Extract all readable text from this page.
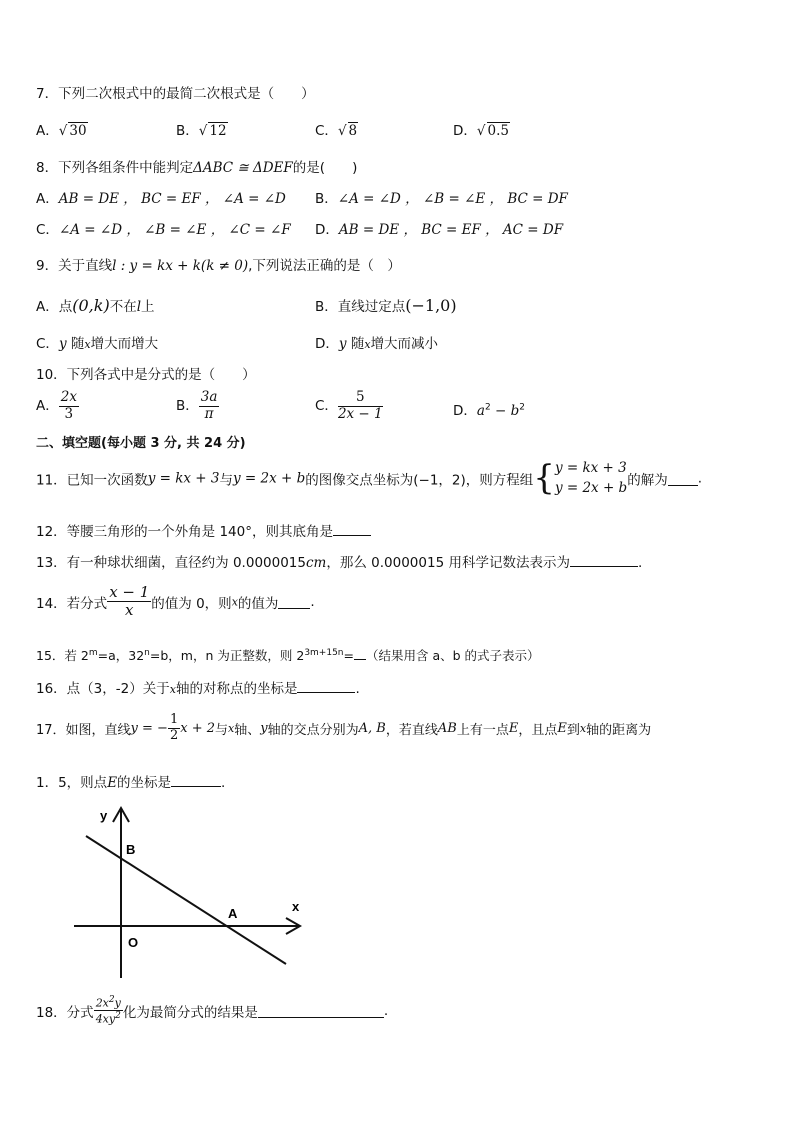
7．下列二次根式中的最简二次根式是（　　）
A．√ 30	B．√ 12	C．√ 8	D．√ 0.5
8．下列各组条件中能判定ΔABC ≅ ΔDEF的是(　　)
A．AB = DE ， BC = EF ， ∠A = ∠D B．∠A = ∠D ， ∠B = ∠E ， BC = DF
C．∠A = ∠D ， ∠B = ∠E ， ∠C = ∠F D．AB = DE ， BC = EF ， AC = DF
9．关于直线l : y = kx + k(k ≠ 0),下列说法正确的是（　）
A．点(0,k)不在l上	B．直线过定点(−1,0)
C．y 随x增大而增大	D．y 随x增大而减小
10．下列各式中是分式的是（　　）
A． $\frac{2x}{3}$	B． $\frac{3a}{\pi}$	C． $\frac{5}{2x - 1}$	D．$a^2 - b^2$
二、填空题(每小题 3 分, 共 24 分)
11．已知一次函数y = kx + 3与y = 2x + b的图像交点坐标为(−1，2)，则方程组{ y = kx + 3
y = 2x + b 的解为 .
12．等腰三角形的一个外角是 140°，则其底角是
13．有一种球状细菌，直径约为 0.0000015cm，那么 0.0000015 用科学记数法表示为	.
14．若分式 $\frac{x - 1}{x}$ 的值为 0，则x的值为 .
15．若 $2^m=a$，$32^n=b$，m，n 为正整数，则 $2^{3m+15n}=$ （结果用含 a、b 的式子表示）
16．点（3，-2）关于x轴的对称点的坐标是	.
17．如图，直线y = − $\frac{1}{2}$ x + 2与x轴、y轴的交点分别为A, B，若直线AB上有一点E，且点E到x轴的距离为
1．5，则点E的坐标是	.
y
x
B
A
O
18．分式 $\frac{2x^2y}{4xy^2}$ 化为最简分式的结果是	.
